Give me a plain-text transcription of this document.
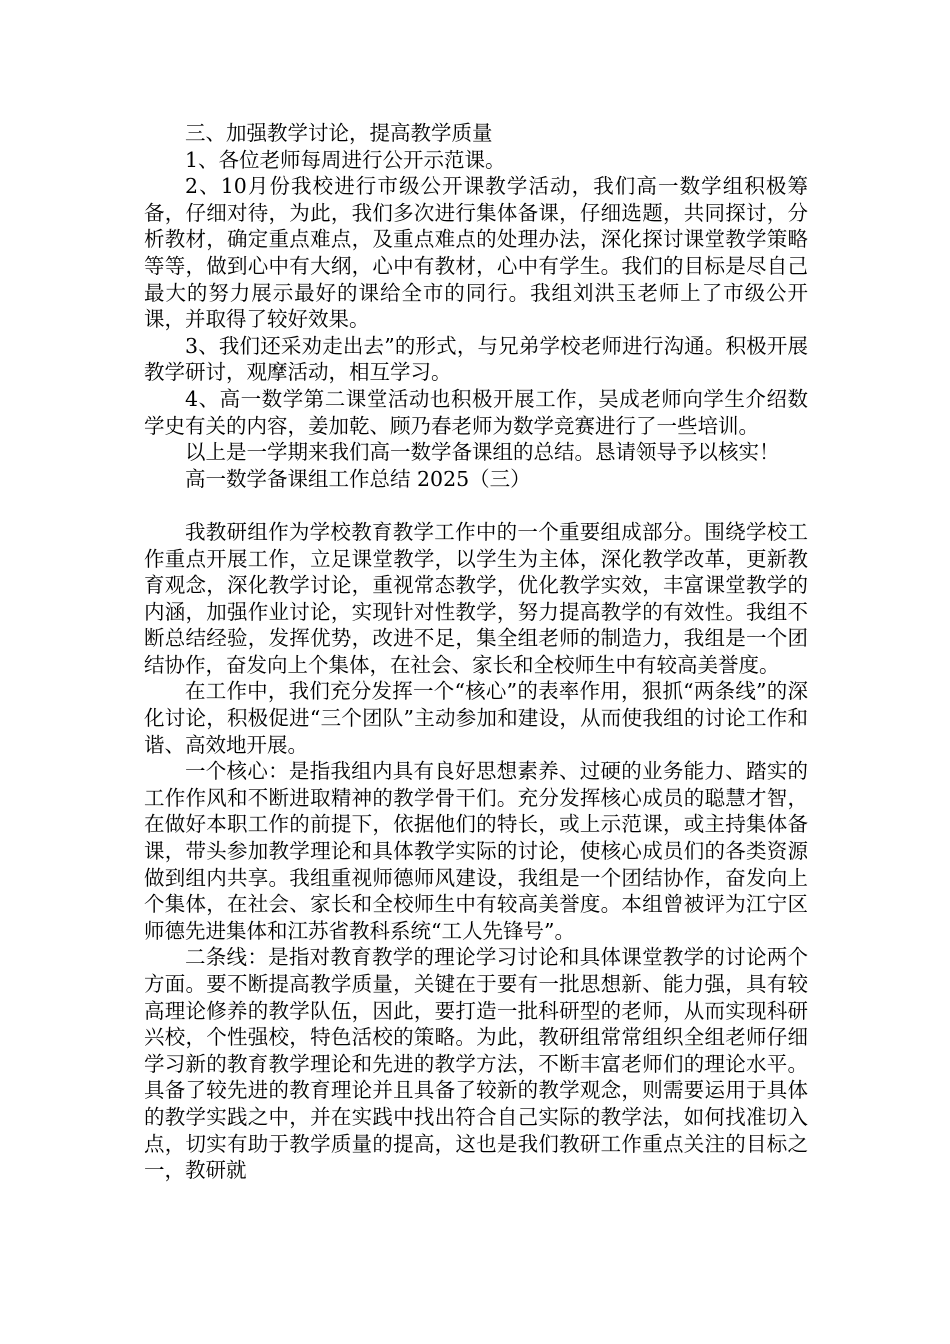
三、加强教学讨论，提高教学质量

1、各位老师每周进行公开示范课。

2、10月份我校进行市级公开课教学活动，我们高一数学组积极筹备，仔细对待，为此，我们多次进行集体备课，仔细选题，共同探讨，分析教材，确定重点难点，及重点难点的处理办法，深化探讨课堂教学策略等等，做到心中有大纲，心中有教材，心中有学生。我们的目标是尽自己最大的努力展示最好的课给全市的同行。我组刘洪玉老师上了市级公开课，并取得了较好效果。

3、我们还采劝走出去”的形式，与兄弟学校老师进行沟通。积极开展教学研讨，观摩活动，相互学习。

4、高一数学第二课堂活动也积极开展工作，吴成老师向学生介绍数学史有关的内容，姜加乾、顾乃春老师为数学竞赛进行了一些培训。

以上是一学期来我们高一数学备课组的总结。恳请领导予以核实！

高一数学备课组工作总结 2025（三）

我教研组作为学校教育教学工作中的一个重要组成部分。围绕学校工作重点开展工作，立足课堂教学，以学生为主体，深化教学改革，更新教育观念，深化教学讨论，重视常态教学，优化教学实效，丰富课堂教学的内涵，加强作业讨论，实现针对性教学，努力提高教学的有效性。我组不断总结经验，发挥优势，改进不足，集全组老师的制造力，我组是一个团结协作，奋发向上个集体，在社会、家长和全校师生中有较高美誉度。

在工作中，我们充分发挥一个“核心”的表率作用，狠抓“两条线”的深化讨论，积极促进“三个团队”主动参加和建设，从而使我组的讨论工作和谐、高效地开展。

一个核心：是指我组内具有良好思想素养、过硬的业务能力、踏实的工作作风和不断进取精神的教学骨干们。充分发挥核心成员的聪慧才智，在做好本职工作的前提下，依据他们的特长，或上示范课，或主持集体备课，带头参加教学理论和具体教学实际的讨论，使核心成员们的各类资源做到组内共享。我组重视师德师风建设，我组是一个团结协作，奋发向上个集体，在社会、家长和全校师生中有较高美誉度。本组曾被评为江宁区师德先进集体和江苏省教科系统“工人先锋号”。

二条线：是指对教育教学的理论学习讨论和具体课堂教学的讨论两个方面。要不断提高教学质量，关键在于要有一批思想新、能力强，具有较高理论修养的教学队伍，因此，要打造一批科研型的老师，从而实现科研兴校，个性强校，特色活校的策略。为此，教研组常常组织全组老师仔细学习新的教育教学理论和先进的教学方法，不断丰富老师们的理论水平。具备了较先进的教育理论并且具备了较新的教学观念，则需要运用于具体的教学实践之中，并在实践中找出符合自己实际的教学法，如何找准切入点，切实有助于教学质量的提高，这也是我们教研工作重点关注的目标之一，教研就
